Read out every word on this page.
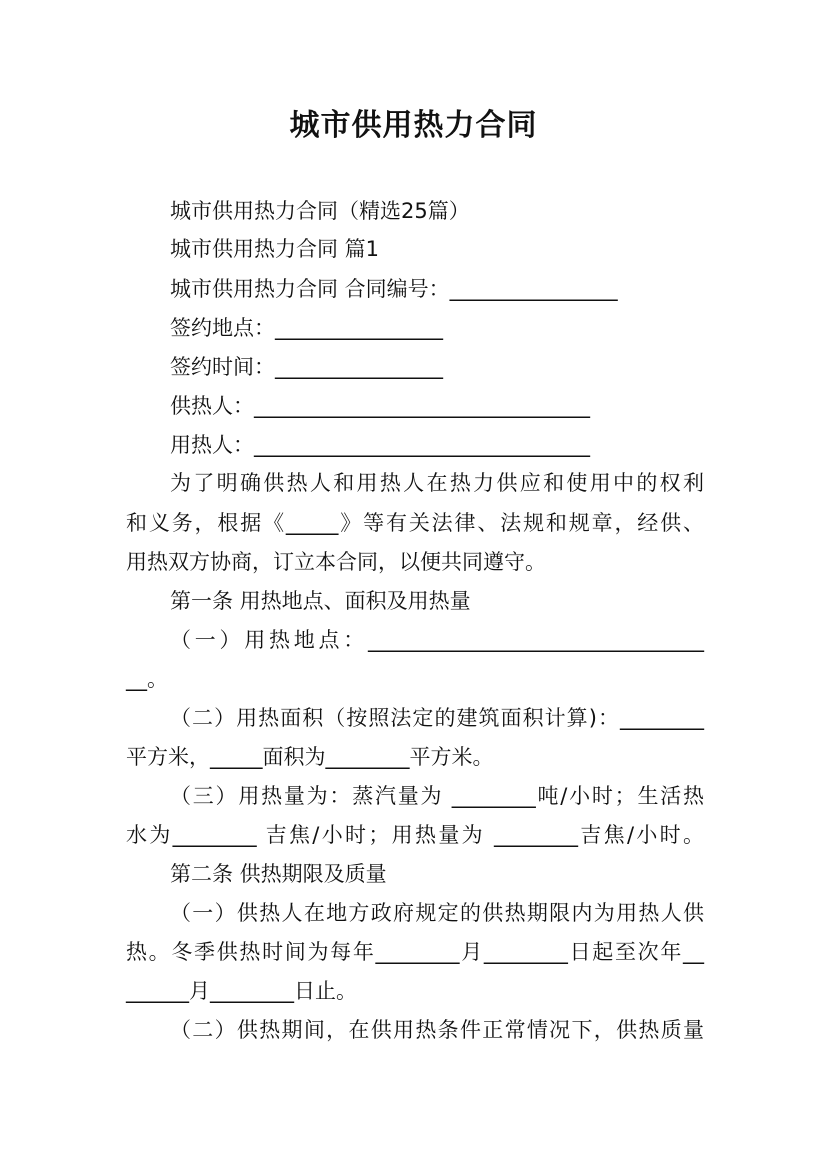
城市供用热力合同
城市供用热力合同（精选25篇）
城市供用热力合同 篇1
城市供用热力合同 合同编号：________________
签约地点：________________
签约时间：________________
供热人：________________________________
用热人：________________________________
为了明确供热人和用热人在热力供应和使用中的权利
和义务，根据《_____》等有关法律、法规和规章，经供、
用热双方协商，订立本合同，以便共同遵守。
第一条 用热地点、面积及用热量
（一）用热地点：________________________________
__。
（二）用热面积（按照法定的建筑面积计算)：________
平方米，_____面积为________平方米。
（三）用热量为：蒸汽量为 ________吨/小时；生活热
水为________ 吉焦/小时；用热量为 ________吉焦/小时。
第二条 供热期限及质量
（一）供热人在地方政府规定的供热期限内为用热人供
热。冬季供热时间为每年________月________日起至次年__
______月________日止。
（二）供热期间，在供用热条件正常情况下，供热质量
